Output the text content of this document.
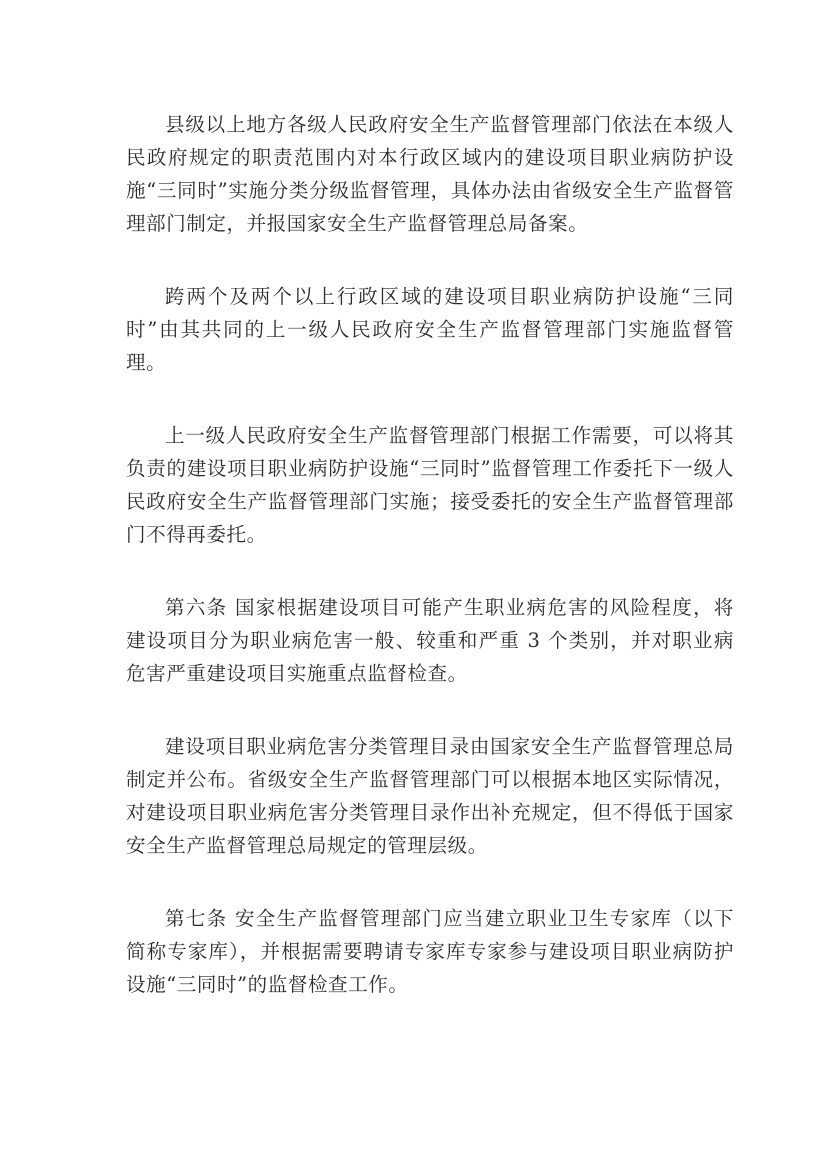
县级以上地方各级人民政府安全生产监督管理部门依法在本级人民政府规定的职责范围内对本行政区域内的建设项目职业病防护设施“三同时”实施分类分级监督管理，具体办法由省级安全生产监督管理部门制定，并报国家安全生产监督管理总局备案。

跨两个及两个以上行政区域的建设项目职业病防护设施“三同时”由其共同的上一级人民政府安全生产监督管理部门实施监督管理。

上一级人民政府安全生产监督管理部门根据工作需要，可以将其负责的建设项目职业病防护设施“三同时”监督管理工作委托下一级人民政府安全生产监督管理部门实施；接受委托的安全生产监督管理部门不得再委托。

第六条 国家根据建设项目可能产生职业病危害的风险程度，将建设项目分为职业病危害一般、较重和严重 3 个类别，并对职业病危害严重建设项目实施重点监督检查。

建设项目职业病危害分类管理目录由国家安全生产监督管理总局制定并公布。省级安全生产监督管理部门可以根据本地区实际情况，对建设项目职业病危害分类管理目录作出补充规定，但不得低于国家安全生产监督管理总局规定的管理层级。

第七条 安全生产监督管理部门应当建立职业卫生专家库（以下简称专家库），并根据需要聘请专家库专家参与建设项目职业病防护设施“三同时”的监督检查工作。
